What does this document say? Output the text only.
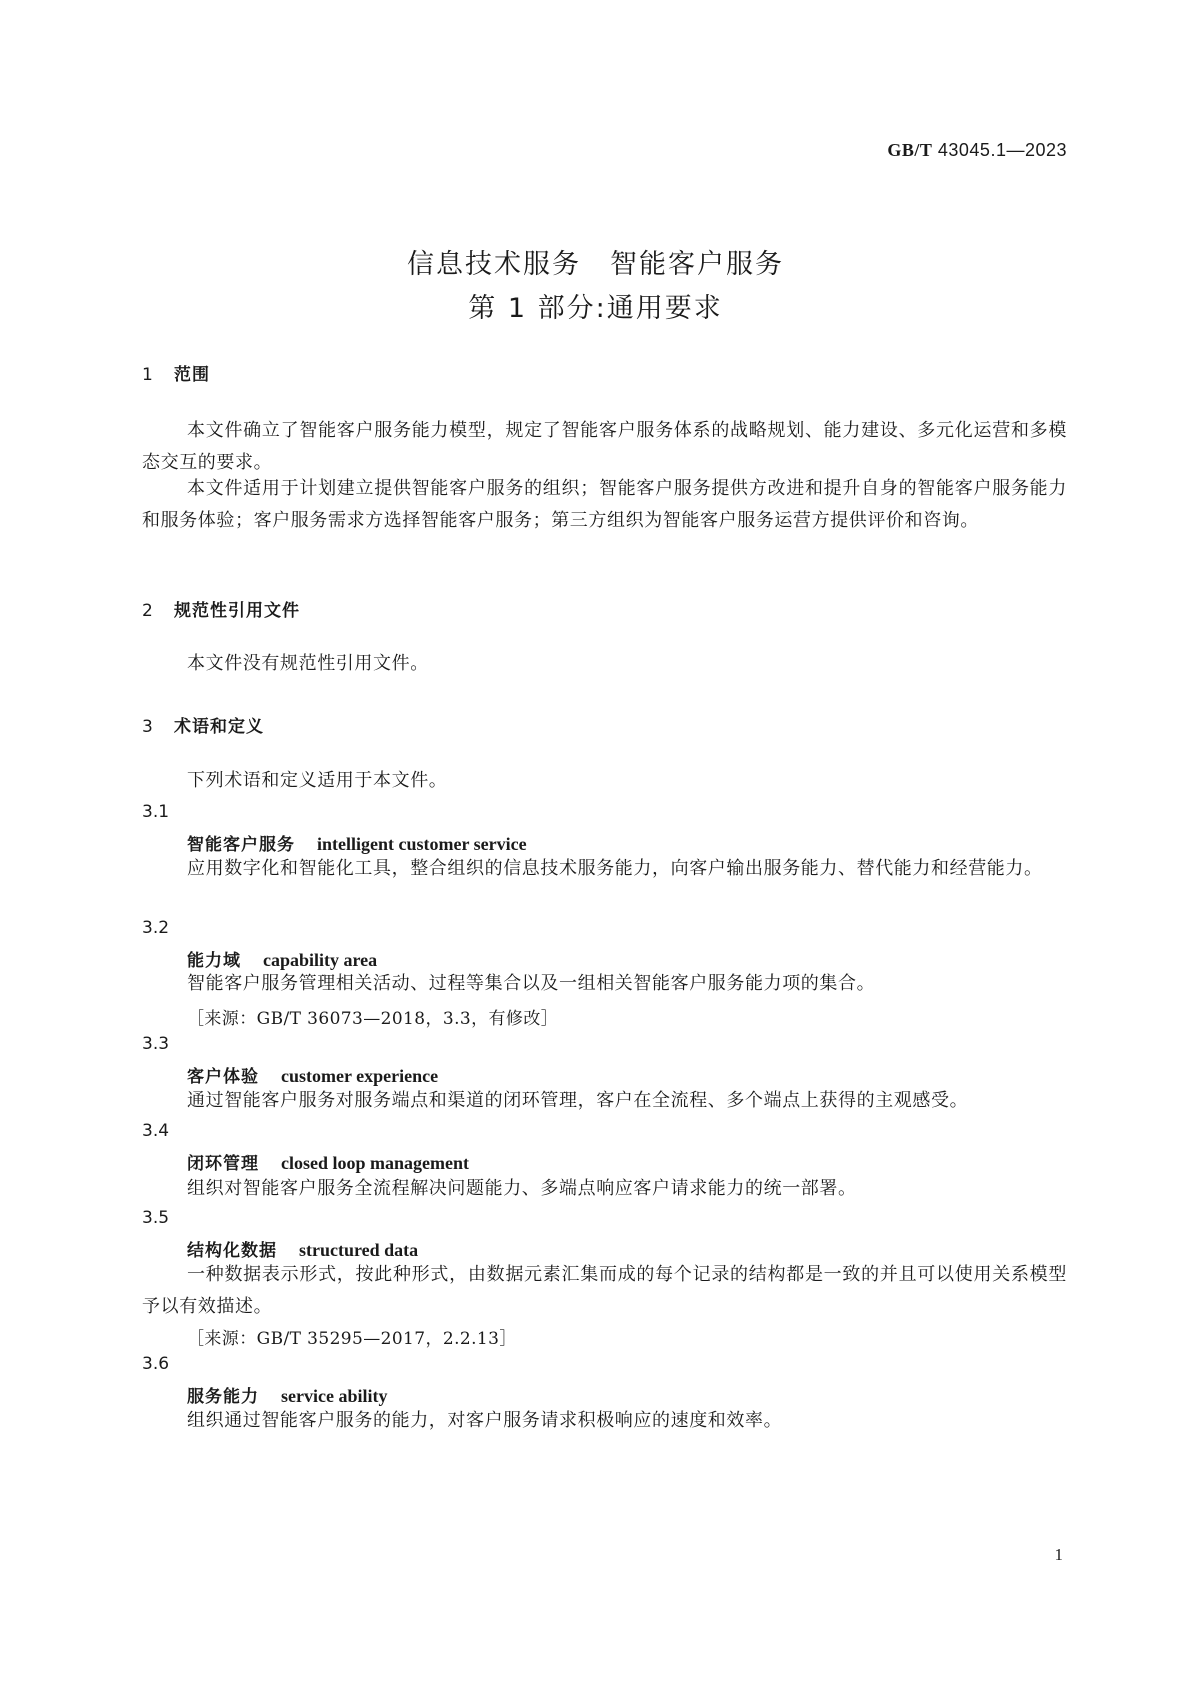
GB/T 43045.1—2023
信息技术服务　智能客户服务
第 1 部分:通用要求
1 范围
本文件确立了智能客户服务能力模型，规定了智能客户服务体系的战略规划、能力建设、多元化运营和多模态交互的要求。
本文件适用于计划建立提供智能客户服务的组织；智能客户服务提供方改进和提升自身的智能客户服务能力和服务体验；客户服务需求方选择智能客户服务；第三方组织为智能客户服务运营方提供评价和咨询。
2 规范性引用文件
本文件没有规范性引用文件。
3 术语和定义
下列术语和定义适用于本文件。
3.1
智能客户服务 intelligent customer service
应用数字化和智能化工具，整合组织的信息技术服务能力，向客户输出服务能力、替代能力和经营能力。
3.2
能力域 capability area
智能客户服务管理相关活动、过程等集合以及一组相关智能客户服务能力项的集合。
［来源：GB/T 36073—2018，3.3，有修改］
3.3
客户体验 customer experience
通过智能客户服务对服务端点和渠道的闭环管理，客户在全流程、多个端点上获得的主观感受。
3.4
闭环管理 closed loop management
组织对智能客户服务全流程解决问题能力、多端点响应客户请求能力的统一部署。
3.5
结构化数据 structured data
一种数据表示形式，按此种形式，由数据元素汇集而成的每个记录的结构都是一致的并且可以使用关系模型予以有效描述。
［来源：GB/T 35295—2017，2.2.13］
3.6
服务能力 service ability
组织通过智能客户服务的能力，对客户服务请求积极响应的速度和效率。
1
